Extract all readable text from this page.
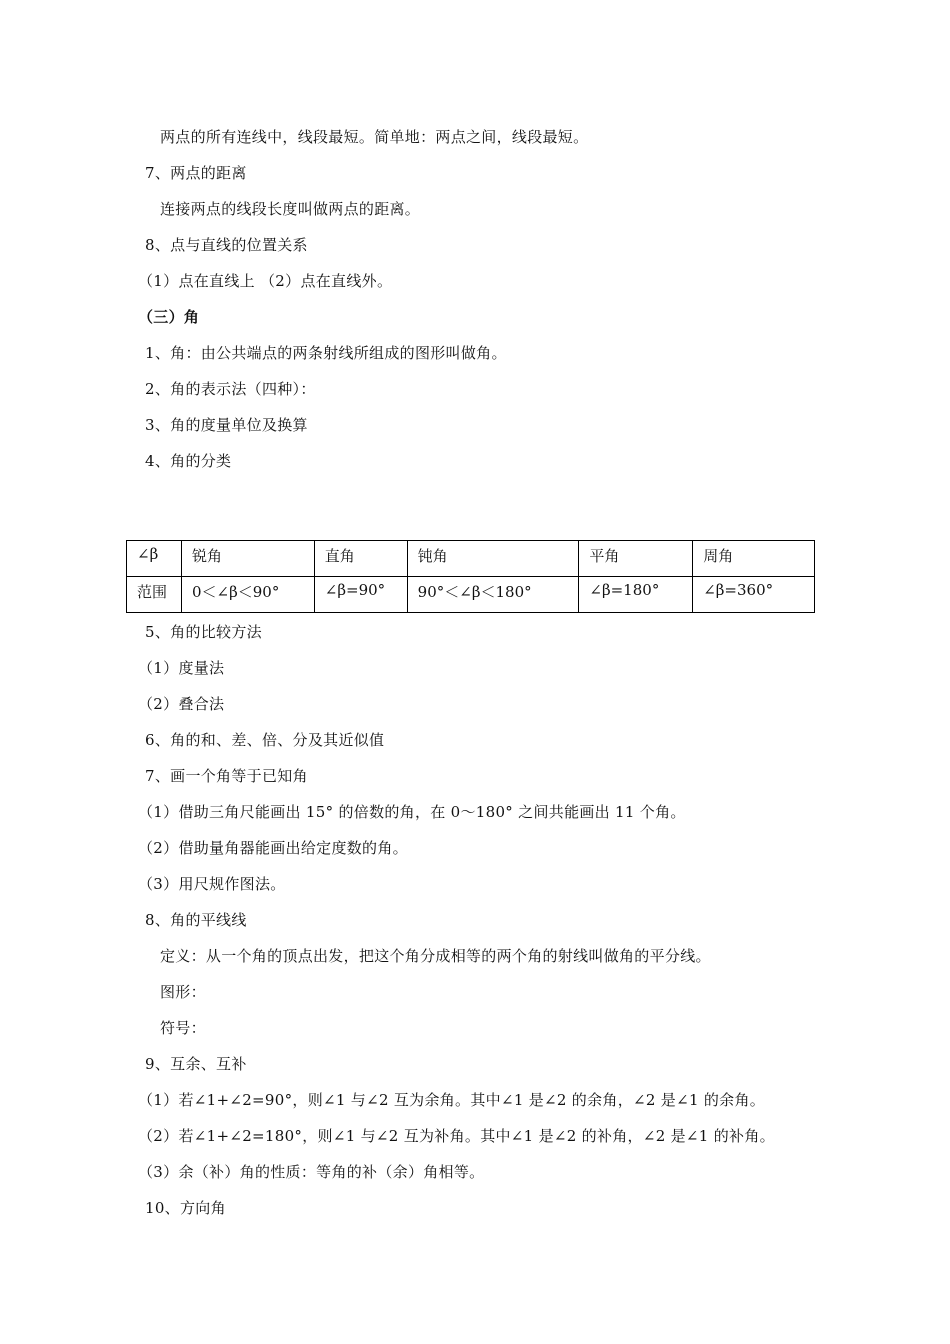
两点的所有连线中，线段最短。简单地：两点之间，线段最短。
7、两点的距离
连接两点的线段长度叫做两点的距离。
8、点与直线的位置关系
（1）点在直线上 （2）点在直线外。
（三）角
1、角：由公共端点的两条射线所组成的图形叫做角。
2、角的表示法（四种）：
3、角的度量单位及换算
4、角的分类
∠β	锐角	直角	钝角	平角	周角
范围	0＜∠β＜90°	∠β=90°	90°＜∠β＜180°	∠β=180°	∠β=360°
5、角的比较方法
（1）度量法
（2）叠合法
6、角的和、差、倍、分及其近似值
7、画一个角等于已知角
（1）借助三角尺能画出 15° 的倍数的角，在 0～180° 之间共能画出 11 个角。
（2）借助量角器能画出给定度数的角。
（3）用尺规作图法。
8、角的平线线
定义：从一个角的顶点出发，把这个角分成相等的两个角的射线叫做角的平分线。
图形：
符号：
9、互余、互补
（1）若∠1+∠2=90°，则∠1 与∠2 互为余角。其中∠1 是∠2 的余角，∠2 是∠1 的余角。
（2）若∠1+∠2=180°，则∠1 与∠2 互为补角。其中∠1 是∠2 的补角，∠2 是∠1 的补角。
（3）余（补）角的性质：等角的补（余）角相等。
10、方向角
